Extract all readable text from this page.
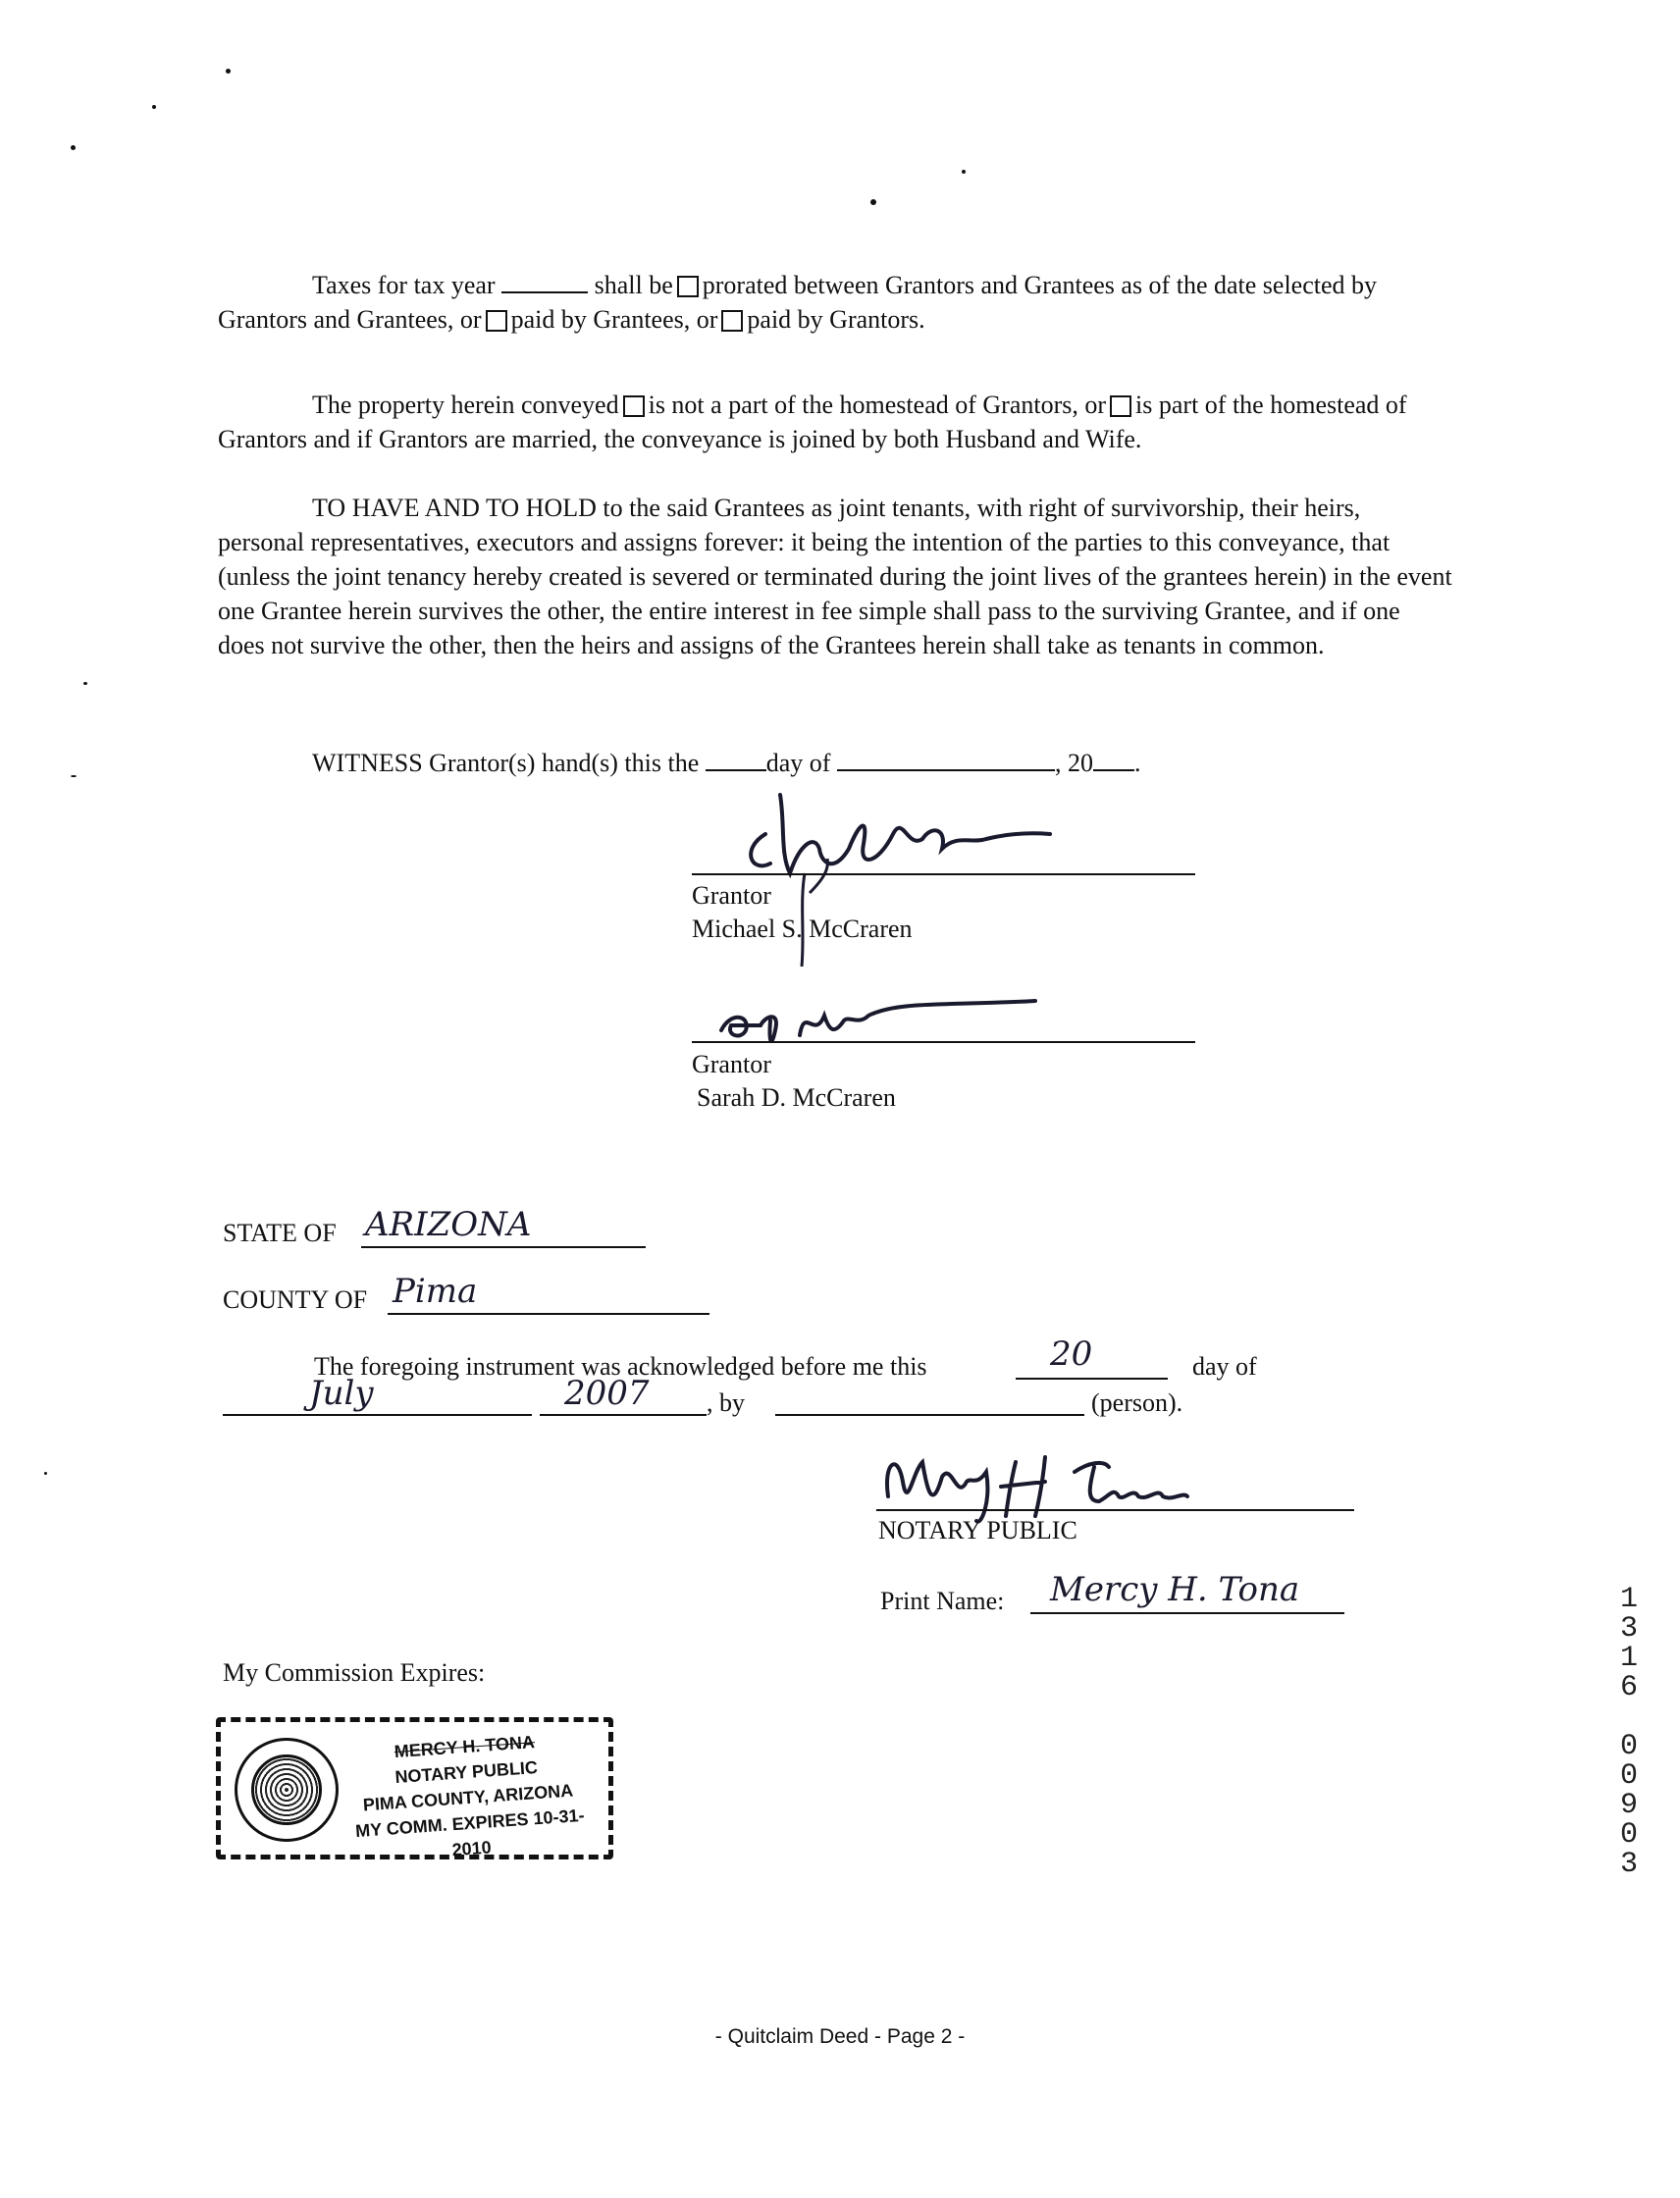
Taxes for tax year	shall be prorated between Grantors and Grantees as of the date selected by Grantors and Grantees, or paid by Grantees, or paid by Grantors.

The property herein conveyed is not a part of the homestead of Grantors, or is part of the homestead of Grantors and if Grantors are married, the conveyance is joined by both Husband and Wife.

TO HAVE AND TO HOLD to the said Grantees as joint tenants, with right of survivorship, their heirs, personal representatives, executors and assigns forever: it being the intention of the parties to this conveyance, that (unless the joint tenancy hereby created is severed or terminated during the joint lives of the grantees herein) in the event one Grantee herein survives the other, the entire interest in fee simple shall pass to the surviving Grantee, and if one does not survive the other, then the heirs and assigns of the Grantees herein shall take as tenants in common.

WITNESS Grantor(s) hand(s) this the	day of	, 20 .
Grantor
Michael S. McCraren
Grantor
Sarah D. McCraren
STATE OF ARIZONA
COUNTY OF Pima
The foregoing instrument was acknowledged before me this	20	day of
July	2007 , by	(person).
NOTARY PUBLIC
Print Name: Mercy H. Tona
My Commission Expires:
MERCY H. TONA
NOTARY PUBLIC
PIMA COUNTY, ARIZONA
MY COMM. EXPIRES 10-31-2010
1
3
1
6

0
0
9
0
3
- Quitclaim Deed - Page 2 -
